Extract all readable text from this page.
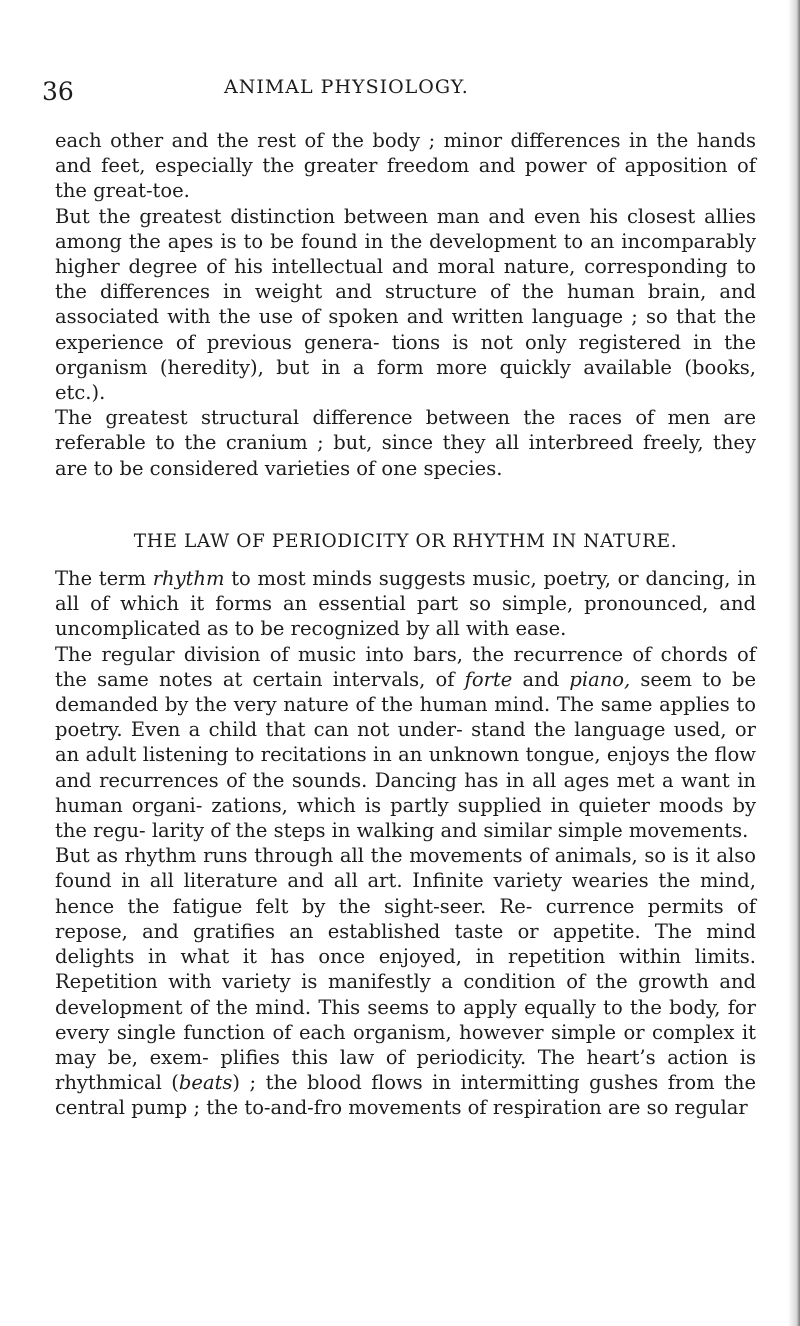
36	ANIMAL PHYSIOLOGY.

each other and the rest of the body ; minor differences in the hands and feet, especially the greater freedom and power of apposition of the great-toe.

But the greatest distinction between man and even his closest allies among the apes is to be found in the development to an incomparably higher degree of his intellectual and moral nature, corresponding to the differences in weight and structure of the human brain, and associated with the use of spoken and written language ; so that the experience of previous genera- tions is not only registered in the organism (heredity), but in a form more quickly available (books, etc.).

The greatest structural difference between the races of men are referable to the cranium ; but, since they all interbreed freely, they are to be considered varieties of one species.

THE LAW OF PERIODICITY OR RHYTHM IN NATURE.

The term rhythm to most minds suggests music, poetry, or dancing, in all of which it forms an essential part so simple, pronounced, and uncomplicated as to be recognized by all with ease.

The regular division of music into bars, the recurrence of chords of the same notes at certain intervals, of forte and piano, seem to be demanded by the very nature of the human mind. The same applies to poetry. Even a child that can not under- stand the language used, or an adult listening to recitations in an unknown tongue, enjoys the flow and recurrences of the sounds. Dancing has in all ages met a want in human organi- zations, which is partly supplied in quieter moods by the regu- larity of the steps in walking and similar simple movements.

But as rhythm runs through all the movements of animals, so is it also found in all literature and all art. Infinite variety wearies the mind, hence the fatigue felt by the sight-seer. Re- currence permits of repose, and gratifies an established taste or appetite. The mind delights in what it has once enjoyed, in repetition within limits. Repetition with variety is manifestly a condition of the growth and development of the mind. This seems to apply equally to the body, for every single function of each organism, however simple or complex it may be, exem- plifies this law of periodicity. The heart’s action is rhythmical (beats) ; the blood flows in intermitting gushes from the central pump ; the to-and-fro movements of respiration are so regular
